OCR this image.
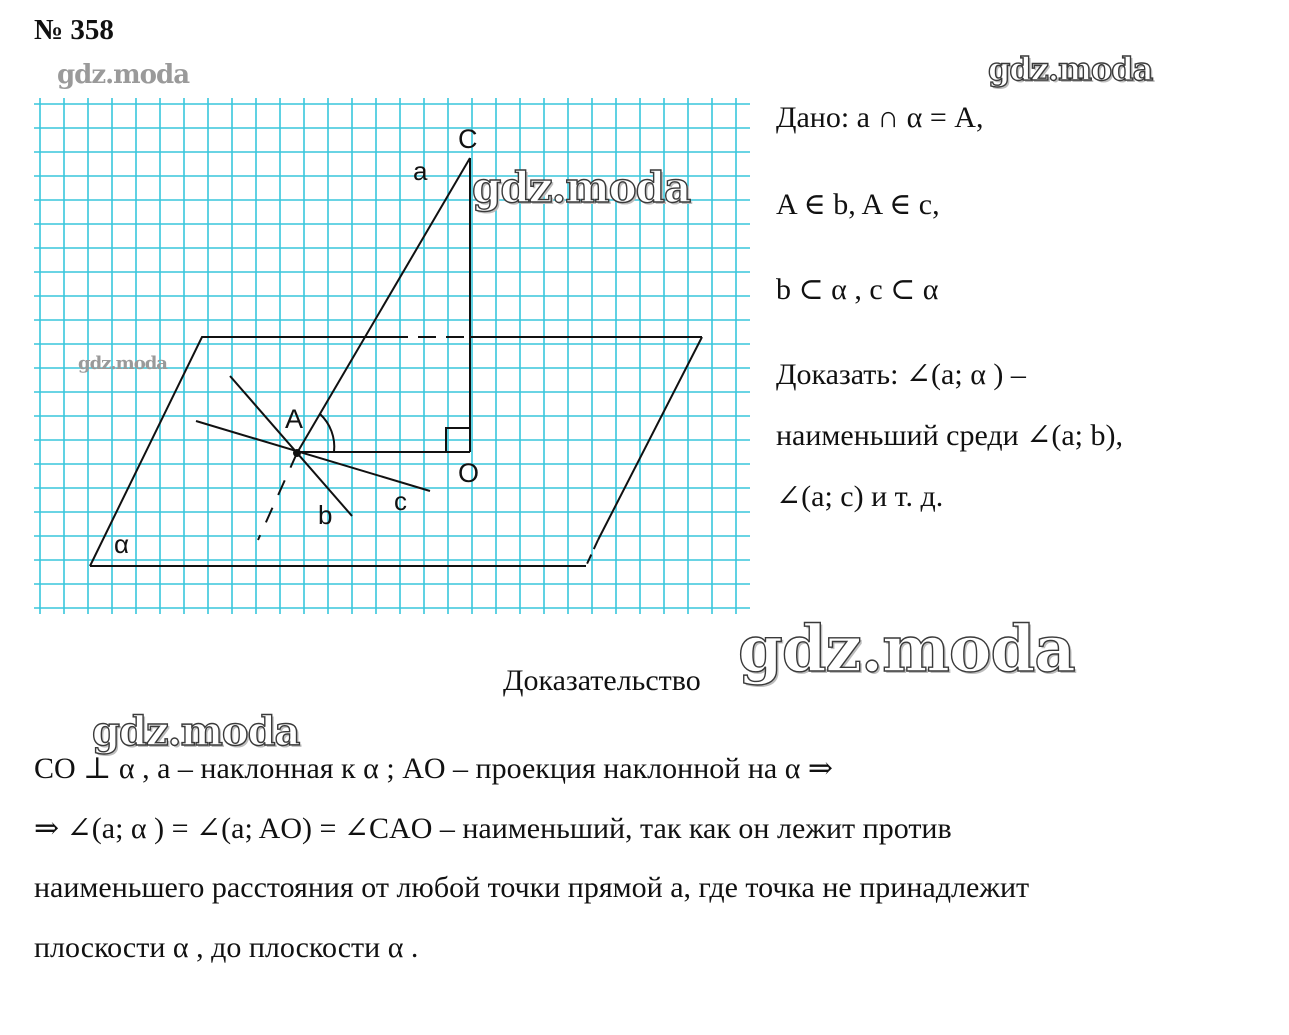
№ 358
C
a
A
O
b c
α
Дано: a ∩ α = A,
A ∈ b, A ∈ c,
b ⊂ α , c ⊂ α
Доказать: ∠(a; α ) –
наименьший среди ∠(a; b),
∠(a; c) и т. д.
Доказательство
CO ⊥ α , a – наклонная к α ; AO – проекция наклонной на α ⇒
⇒ ∠(a; α ) = ∠(a; AO) = ∠CAO – наименьший, так как он лежит против
наименьшего расстояния от любой точки прямой a, где точка не принадлежит
плоскости α , до плоскости α .
gdz.moda	gdz.moda
gdz.moda
gdz.moda
gdz.moda
gdz.moda
